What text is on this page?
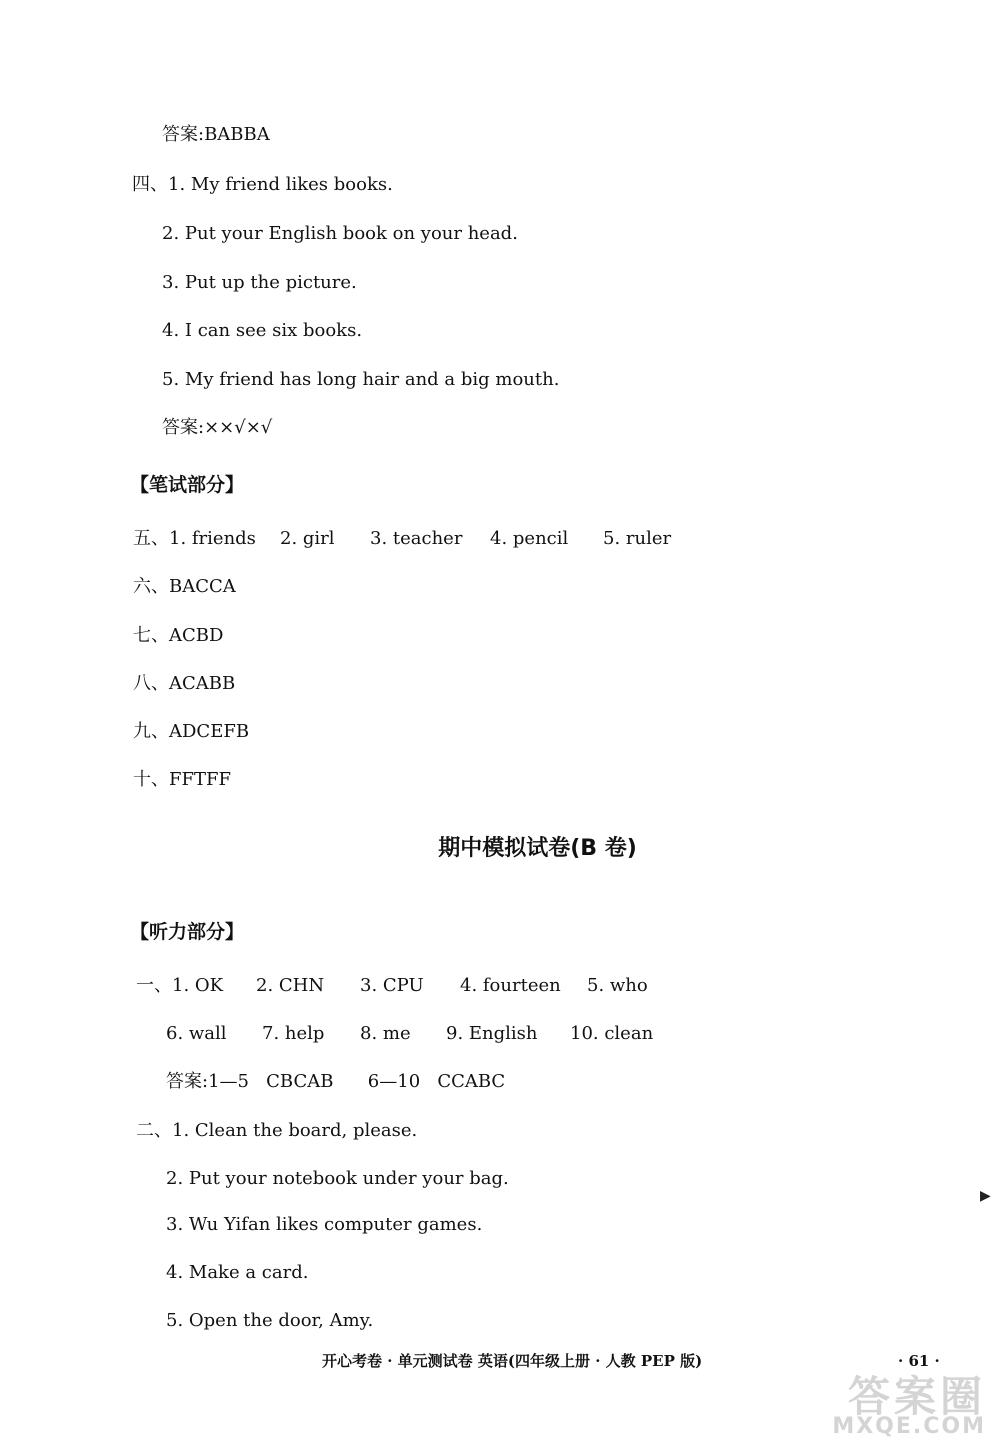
答案:BABBA
四、1. My friend likes books.
2. Put your English book on your head.
3. Put up the picture.
4. I can see six books.
5. My friend has long hair and a big mouth.
答案:××√×√
【笔试部分】
五、1. friends 2. girl 3. teacher 4. pencil 5. ruler
六、BACCA
七、ACBD
八、ACABB
九、ADCEFB
十、FFTFF
期中模拟试卷(B 卷)
【听力部分】
一、1. OK 2. CHN 3. CPU 4. fourteen 5. who
6. wall 7. help 8. me 9. English 10. clean
答案:1—5   CBCAB      6—10   CCABC
二、1. Clean the board, please.
2. Put your notebook under your bag.
3. Wu Yifan likes computer games.
4. Make a card.
5. Open the door, Amy.
▶
开心考卷 · 单元测试卷 英语(四年级上册 · 人教 PEP 版)	· 61 ·
答案圈
MXQE.COM
